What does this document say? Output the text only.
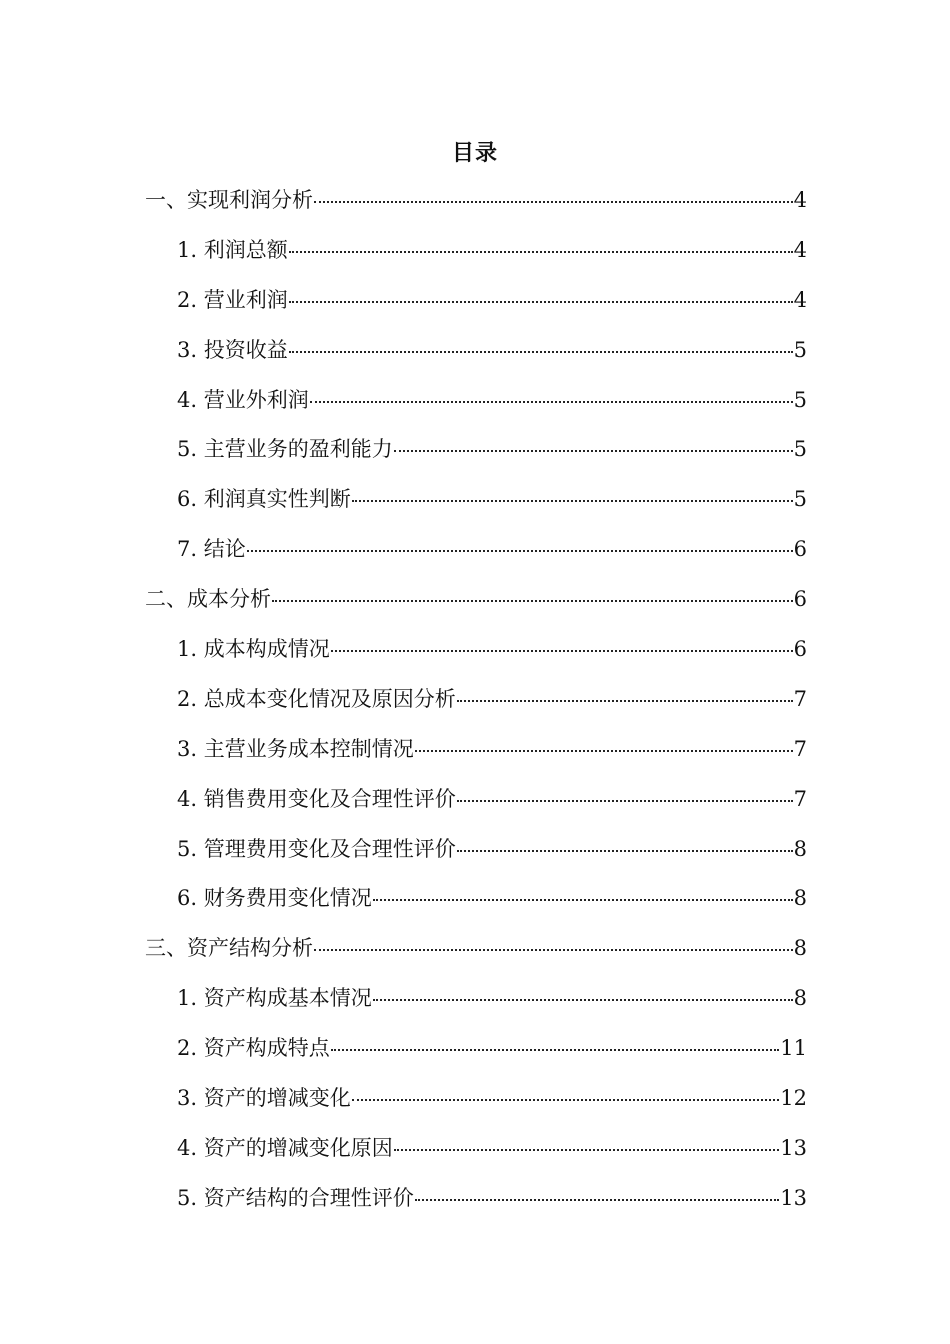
目录
一、实现利润分析	4
1. 利润总额	4
2. 营业利润	4
3. 投资收益	5
4. 营业外利润	5
5. 主营业务的盈利能力	5
6. 利润真实性判断	5
7. 结论	6
二、成本分析	6
1. 成本构成情况	6
2. 总成本变化情况及原因分析	7
3. 主营业务成本控制情况	7
4. 销售费用变化及合理性评价	7
5. 管理费用变化及合理性评价	8
6. 财务费用变化情况	8
三、资产结构分析	8
1. 资产构成基本情况	8
2. 资产构成特点	11
3. 资产的增减变化	12
4. 资产的增减变化原因	13
5. 资产结构的合理性评价	13
